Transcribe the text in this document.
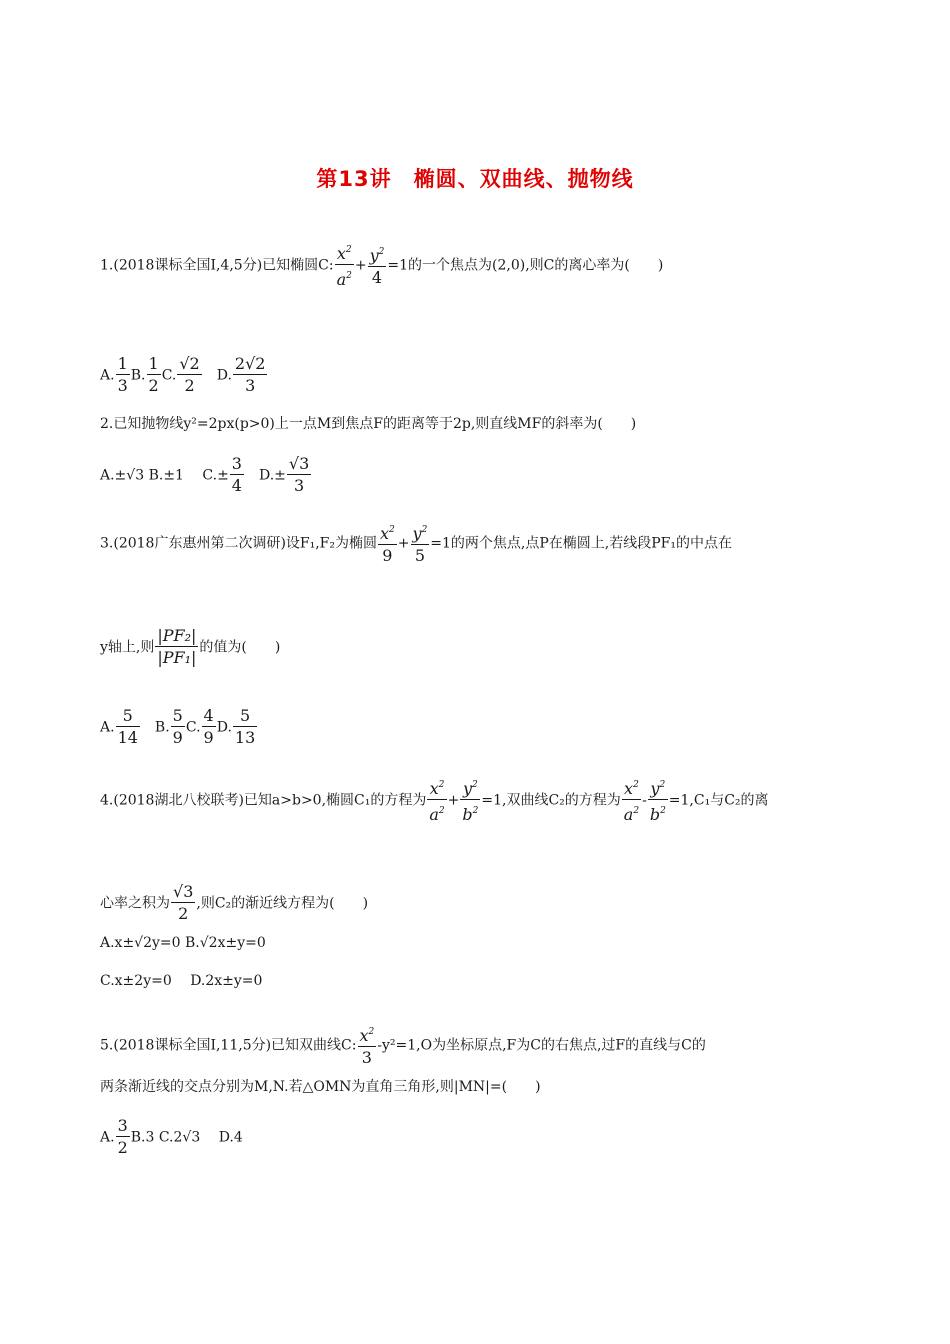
第13讲　椭圆、双曲线、抛物线
1.(2018课标全国Ⅰ,4,5分)已知椭圆C: $\frac{x^2}{a^2} + \frac{y^2}{4} =1$的一个焦点为(2,0),则C的离心率为(　　)
A. $\frac{1}{3} B$. $\frac{1}{2} C$. $\frac{√2}{2}$ 　D. $\frac{2√2}{3}$
2.已知抛物线y²=2px(p>0)上一点M到焦点F的距离等于2p,则直线MF的斜率为(　　)
A.±√3 B.±1　 $C.\pm \frac{3}{4}$ 　$D.\pm \frac{√3}{3}$
3.(2018广东惠州第二次调研)设F₁,F₂为椭圆 $\frac{x^2}{9} + \frac{y^2}{5} =1$的两个焦点,点P在椭圆上,若线段PF₁的中点在
y轴上,则 $\frac{\text{|PF₂|}}{\text{|PF₁|}}$ 的值为(　　)
A. $\frac{5}{14}$ 　B. $\frac{5}{9} C$. $\frac{4}{9} D$. $\frac{5}{13}$
4.(2018湖北八校联考)已知a>b>0,椭圆C₁的方程为 $\frac{x^2}{a^2} + \frac{y^2}{b^2} =1$,双曲线C₂的方程为 $\frac{x^2}{a^2} - \frac{y^2}{b^2} =1,C_1$与C₂的离
心率之积为 $\frac{√3}{2}$ ,则C₂的渐近线方程为(　　)
A.x±√2y=0 B.√2x±y=0
C.x±2y=0　 D.2x±y=0
5.(2018课标全国Ⅰ,11,5分)已知双曲线C: $\frac{x^2}{3} -y^2=1,O$为坐标原点,F为C的右焦点,过F的直线与C的
两条渐近线的交点分别为M,N.若△OMN为直角三角形,则|MN|=(　　)
A. $\frac{3}{2} B.3$ C.2√3　 D.4
